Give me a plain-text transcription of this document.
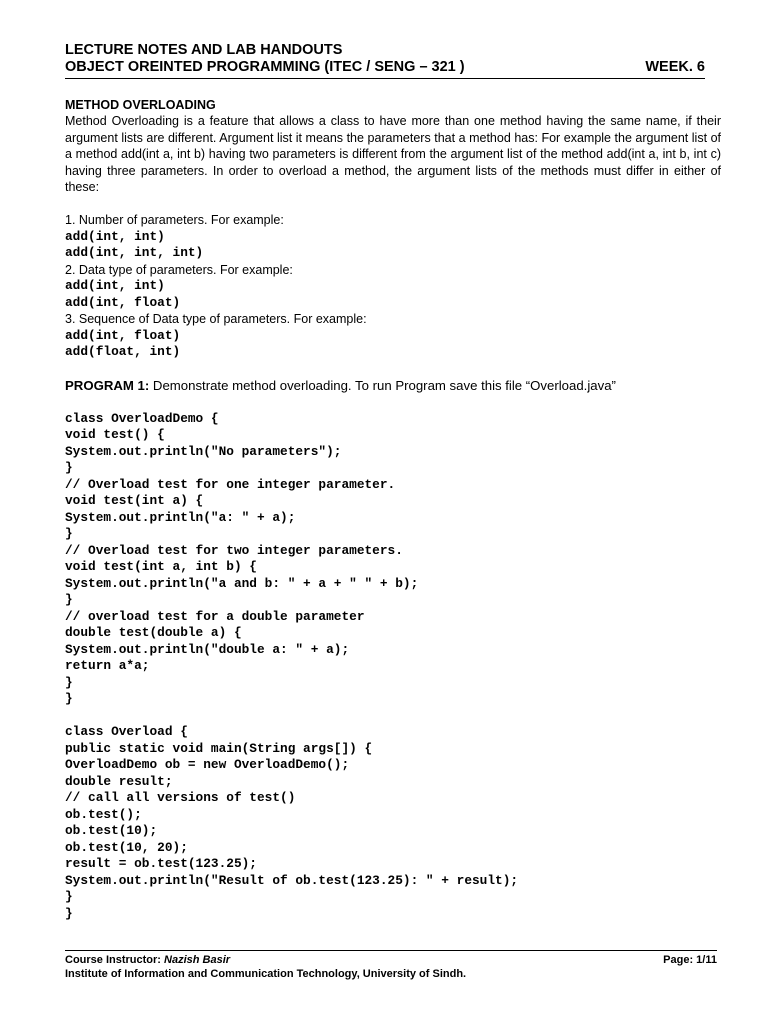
LECTURE NOTES AND LAB HANDOUTS
OBJECT OREINTED PROGRAMMING (ITEC / SENG – 321 )	WEEK. 6
METHOD OVERLOADING
Method Overloading is a feature that allows a class to have more than one method having the same name, if their argument lists are different. Argument list it means the parameters that a method has: For example the argument list of a method add(int a, int b) having two parameters is different from the argument list of the method add(int a, int b, int c) having three parameters. In order to overload a method, the argument lists of the methods must differ in either of these:
1. Number of parameters. For example:
add(int, int)
add(int, int, int)
2. Data type of parameters. For example:
add(int, int)
add(int, float)
3. Sequence of Data type of parameters. For example:
add(int, float)
add(float, int)
PROGRAM 1: Demonstrate method overloading. To run Program save this file “Overload.java”
class OverloadDemo {
void test() {
System.out.println("No parameters");
}
// Overload test for one integer parameter.
void test(int a) {
System.out.println("a: " + a);
}
// Overload test for two integer parameters.
void test(int a, int b) {
System.out.println("a and b: " + a + " " + b);
}
// overload test for a double parameter
double test(double a) {
System.out.println("double a: " + a);
return a*a;
}
}
class Overload {
public static void main(String args[]) {
OverloadDemo ob = new OverloadDemo();
double result;
// call all versions of test()
ob.test();
ob.test(10);
ob.test(10, 20);
result = ob.test(123.25);
System.out.println("Result of ob.test(123.25): " + result);
}
}
Course Instructor: Nazish Basir	Page: 1/11
Institute of Information and Communication Technology, University of Sindh.
